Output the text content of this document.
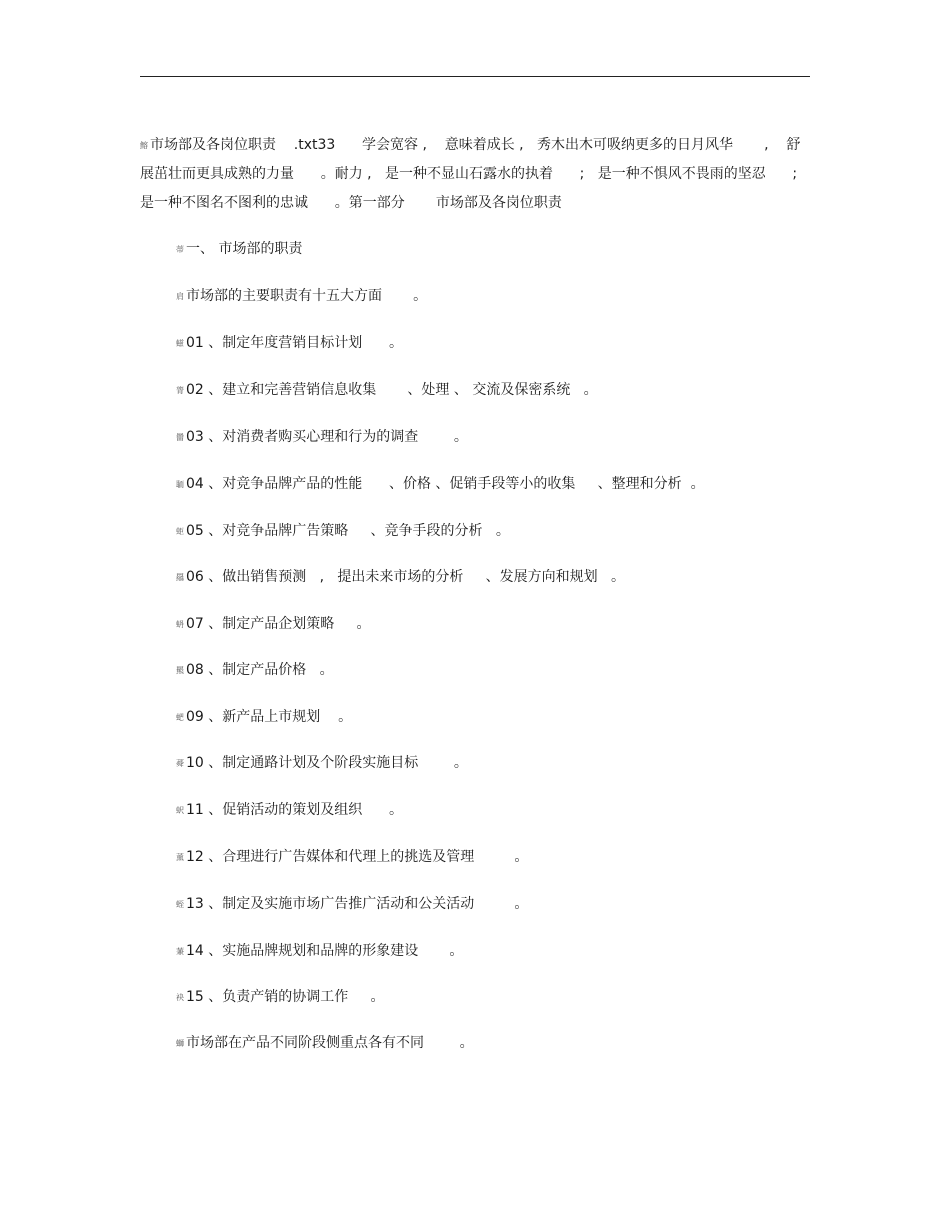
鰫 市场部及各岗位职责    .txt33      学会宽容 ,    意味着成长 ,   秀木出木可吸纳更多的日月风华       ,    舒
展茁壮而更具成熟的力量      。耐力 ,   是一种不显山石露水的执着      ;   是一种不惧风不畏雨的坚忍      ;
是一种不图名不图利的忠诚      。第一部分       市场部及各岗位职责
蒂 一、 市场部的职责
肩 市场部的主要职责有十五大方面       。
螆 01 、制定年度营销目标计划      。
膂 02 、建立和完善营销信息收集       、处理 、 交流及保密系统   。
羀 03 、对消费者购买心理和行为的调查        。
聏 04 、对竞争品牌产品的性能      、价格 、促销手段等小的收集     、整理和分析  。
蚷 05 、对竞争品牌广告策略     、竞争手段的分析   。
羉 06 、做出销售预测   ,   提出未来市场的分析     、发展方向和规划   。
蚒 07 、制定产品企划策略     。
羆 08 、制定产品价格   。
蚆 09 、新产品上市规划    。
蕣 10 、制定通路计划及个阶段实施目标        。
蚇 11 、促销活动的策划及组织      。
薰 12 、合理进行广告媒体和代理上的挑选及管理         。
蛭 13 、制定及实施市场广告推广活动和公关活动         。
蒹 14 、实施品牌规划和品牌的形象建设       。
袂 15 、负责产销的协调工作     。
螄 市场部在产品不同阶段侧重点各有不同        。
